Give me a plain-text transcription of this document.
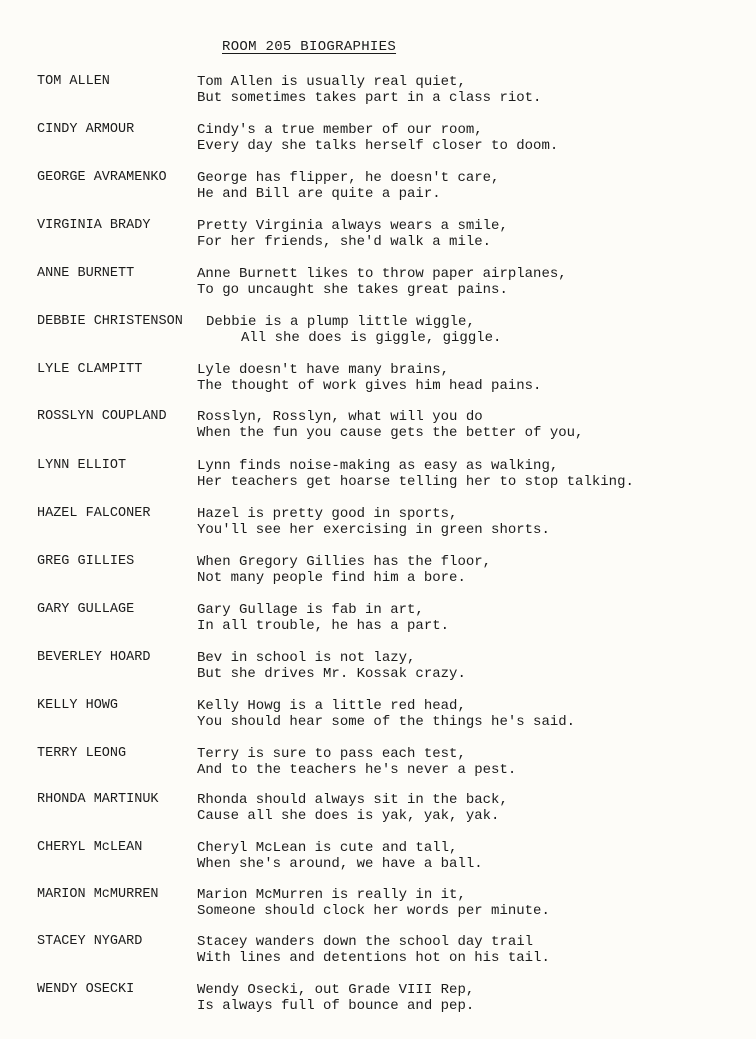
ROOM 205 BIOGRAPHIES
TOM ALLEN	Tom Allen is usually real quiet,
But sometimes takes part in a class riot.
CINDY ARMOUR	Cindy's a true member of our room,
Every day she talks herself closer to doom.
GEORGE AVRAMENKO George has flipper, he doesn't care,
He and Bill are quite a pair.
VIRGINIA BRADY	Pretty Virginia always wears a smile,
For her friends, she'd walk a mile.
ANNE BURNETT	Anne Burnett likes to throw paper airplanes,
To go uncaught she takes great pains.
DEBBIE CHRISTENSON Debbie is a plump little wiggle,
All she does is giggle, giggle.
LYLE CLAMPITT	Lyle doesn't have many brains,
The thought of work gives him head pains.
ROSSLYN COUPLAND Rosslyn, Rosslyn, what will you do
When the fun you cause gets the better of you,
LYNN ELLIOT	Lynn finds noise-making as easy as walking,
Her teachers get hoarse telling her to stop talking.
HAZEL FALCONER	Hazel is pretty good in sports,
You'll see her exercising in green shorts.
GREG GILLIES	When Gregory Gillies has the floor,
Not many people find him a bore.
GARY GULLAGE	Gary Gullage is fab in art,
In all trouble, he has a part.
BEVERLEY HOARD	Bev in school is not lazy,
But she drives Mr. Kossak crazy.
KELLY HOWG	Kelly Howg is a little red head,
You should hear some of the things he's said.
TERRY LEONG	Terry is sure to pass each test,
And to the teachers he's never a pest.
RHONDA MARTINUK	Rhonda should always sit in the back,
Cause all she does is yak, yak, yak.
CHERYL McLEAN	Cheryl McLean is cute and tall,
When she's around, we have a ball.
MARION McMURREN	Marion McMurren is really in it,
Someone should clock her words per minute.
STACEY NYGARD	Stacey wanders down the school day trail
With lines and detentions hot on his tail.
WENDY OSECKI	Wendy Osecki, out Grade VIII Rep,
Is always full of bounce and pep.
